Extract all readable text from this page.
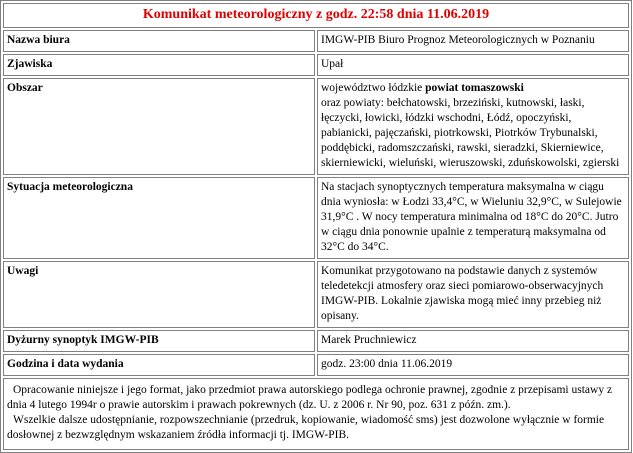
Komunikat meteorologiczny z godz. 22:58 dnia 11.06.2019	
Nazwa biura	IMGW-PIB Biuro Prognoz Meteorologicznych w Poznaniu
Zjawiska	Upał
Obszar	województwo łódzkie powiat tomaszowski
oraz powiaty: bełchatowski, brzeziński, kutnowski, łaski, łęczycki, łowicki, łódzki wschodni, Łódź, opoczyński, pabianicki, pajęczański, piotrkowski, Piotrków Trybunalski, poddębicki, radomszczański, rawski, sieradzki, Skierniewice, skierniewicki, wieluński, wieruszowski, zduńskowolski, zgierski
Sytuacja meteorologiczna	Na stacjach synoptycznych temperatura maksymalna w ciągu dnia wyniosła: w Łodzi 33,4°C, w Wieluniu 32,9°C, w Sulejowie 31,9°C . W nocy temperatura minimalna od 18°C do 20°C. Jutro w ciągu dnia ponownie upalnie z temperaturą maksymalna od 32°C do 34°C.
Uwagi	Komunikat przygotowano na podstawie danych z systemów teledetekcji atmosfery oraz sieci pomiarowo-obserwacyjnych IMGW-PIB. Lokalnie zjawiska mogą mieć inny przebieg niż opisany.
Dyżurny synoptyk IMGW-PIB	Marek Pruchniewicz
Godzina i data wydania	godz. 23:00 dnia 11.06.2019

Opracowanie niniejsze i jego format, jako przedmiot prawa autorskiego podlega ochronie prawnej, zgodnie z przepisami ustawy z dnia 4 lutego 1994r o prawie autorskim i prawach pokrewnych (dz. U. z 2006 r. Nr 90, poz. 631 z późn. zm.).

Wszelkie dalsze udostępnianie, rozpowszechnianie (przedruk, kopiowanie, wiadomość sms) jest dozwolone wyłącznie w formie dosłownej z bezwzględnym wskazaniem źródła informacji tj. IMGW-PIB.	
